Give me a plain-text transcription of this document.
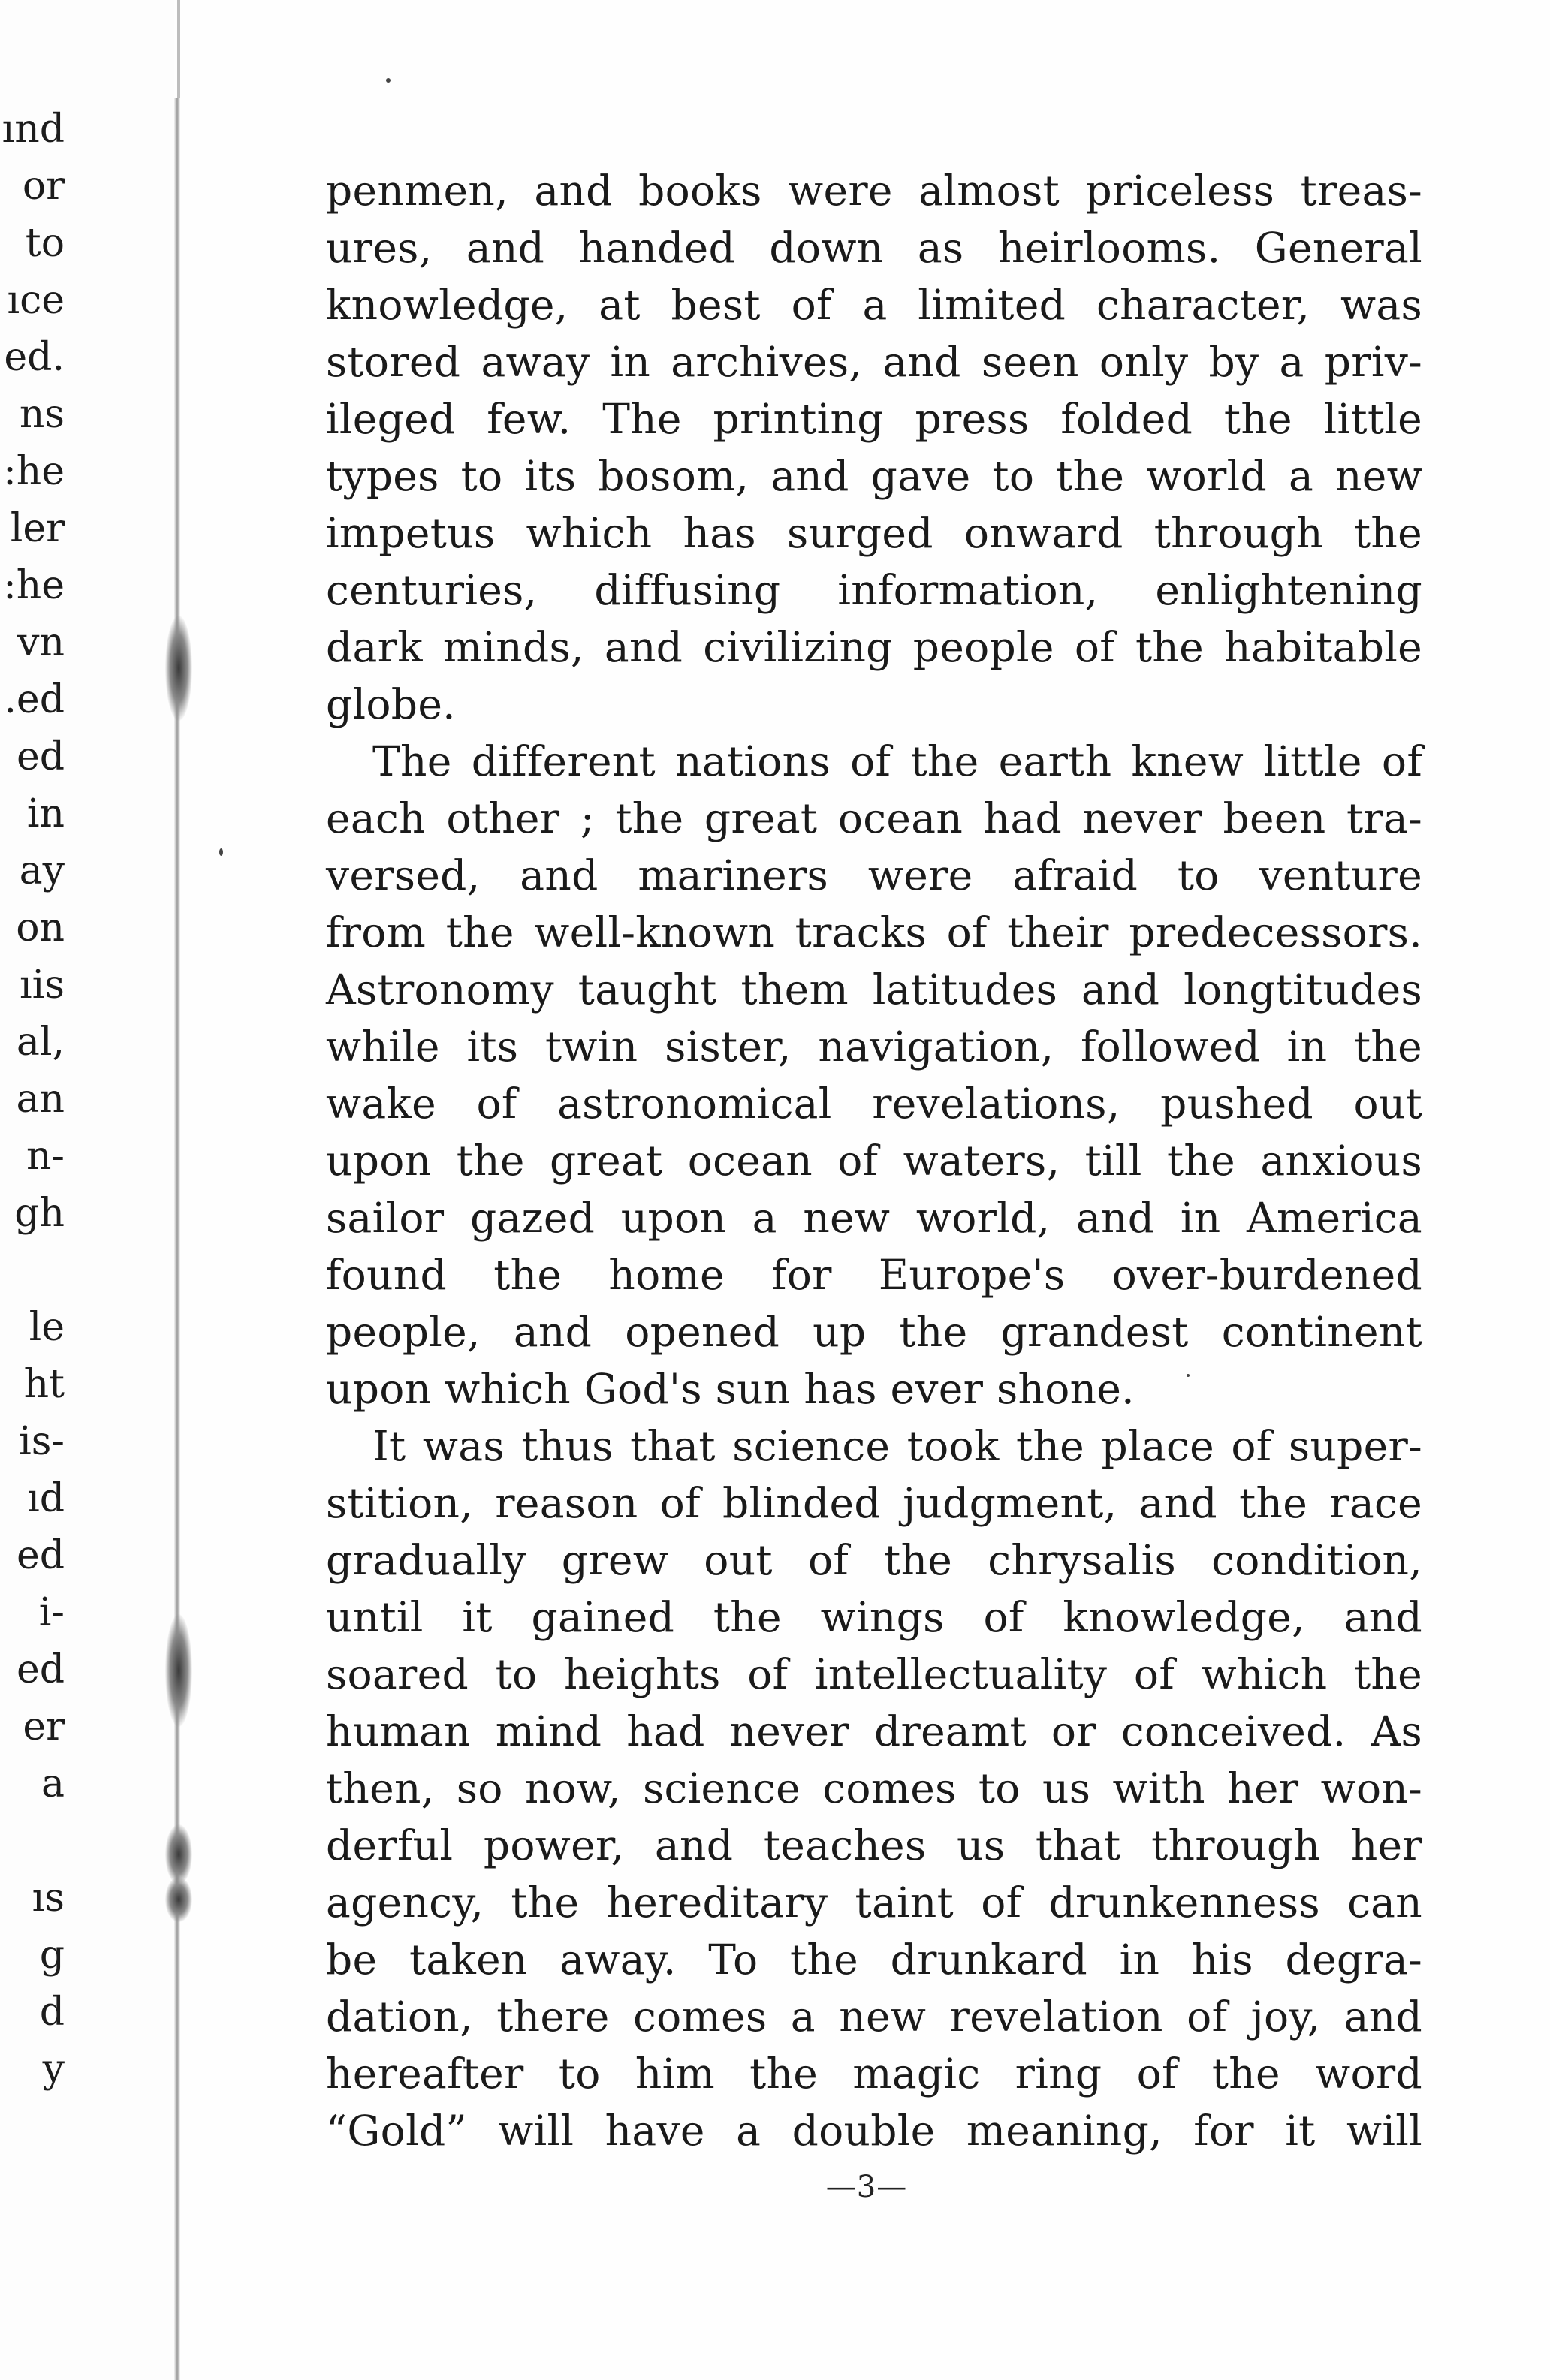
ınd
or
to
ıce
ed.
ns
:he
ler
:he
vn
.ed
ed
in
ay
on
ıis
al,
an
n-
gh
le
ht
is-
ıd
ed
i-
ed
er
a
ıs
g
d
y
penmen, and books were almost priceless treas-
ures, and handed down as heirlooms. General
knowledge, at best of a limited character, was
stored away in archives, and seen only by a priv-
ileged few. The printing press folded the little
types to its bosom, and gave to the world a new
impetus which has surged onward through the
centuries, diffusing information, enlightening
dark minds, and civilizing people of the habitable
globe.
The different nations of the earth knew little of
each other ; the great ocean had never been tra-
versed, and mariners were afraid to venture
from the well-known tracks of their predecessors.
Astronomy taught them latitudes and longtitudes
while its twin sister, navigation, followed in the
wake of astronomical revelations, pushed out
upon the great ocean of waters, till the anxious
sailor gazed upon a new world, and in America
found the home for Europe's over-burdened
people, and opened up the grandest continent
upon which God's sun has ever shone.
It was thus that science took the place of super-
stition, reason of blinded judgment, and the race
gradually grew out of the chrysalis condition,
until it gained the wings of knowledge, and
soared to heights of intellectuality of which the
human mind had never dreamt or conceived. As
then, so now, science comes to us with her won-
derful power, and teaches us that through her
agency, the hereditary taint of drunkenness can
be taken away. To the drunkard in his degra-
dation, there comes a new revelation of joy, and
hereafter to him the magic ring of the word
“Gold” will have a double meaning, for it will
—3—
